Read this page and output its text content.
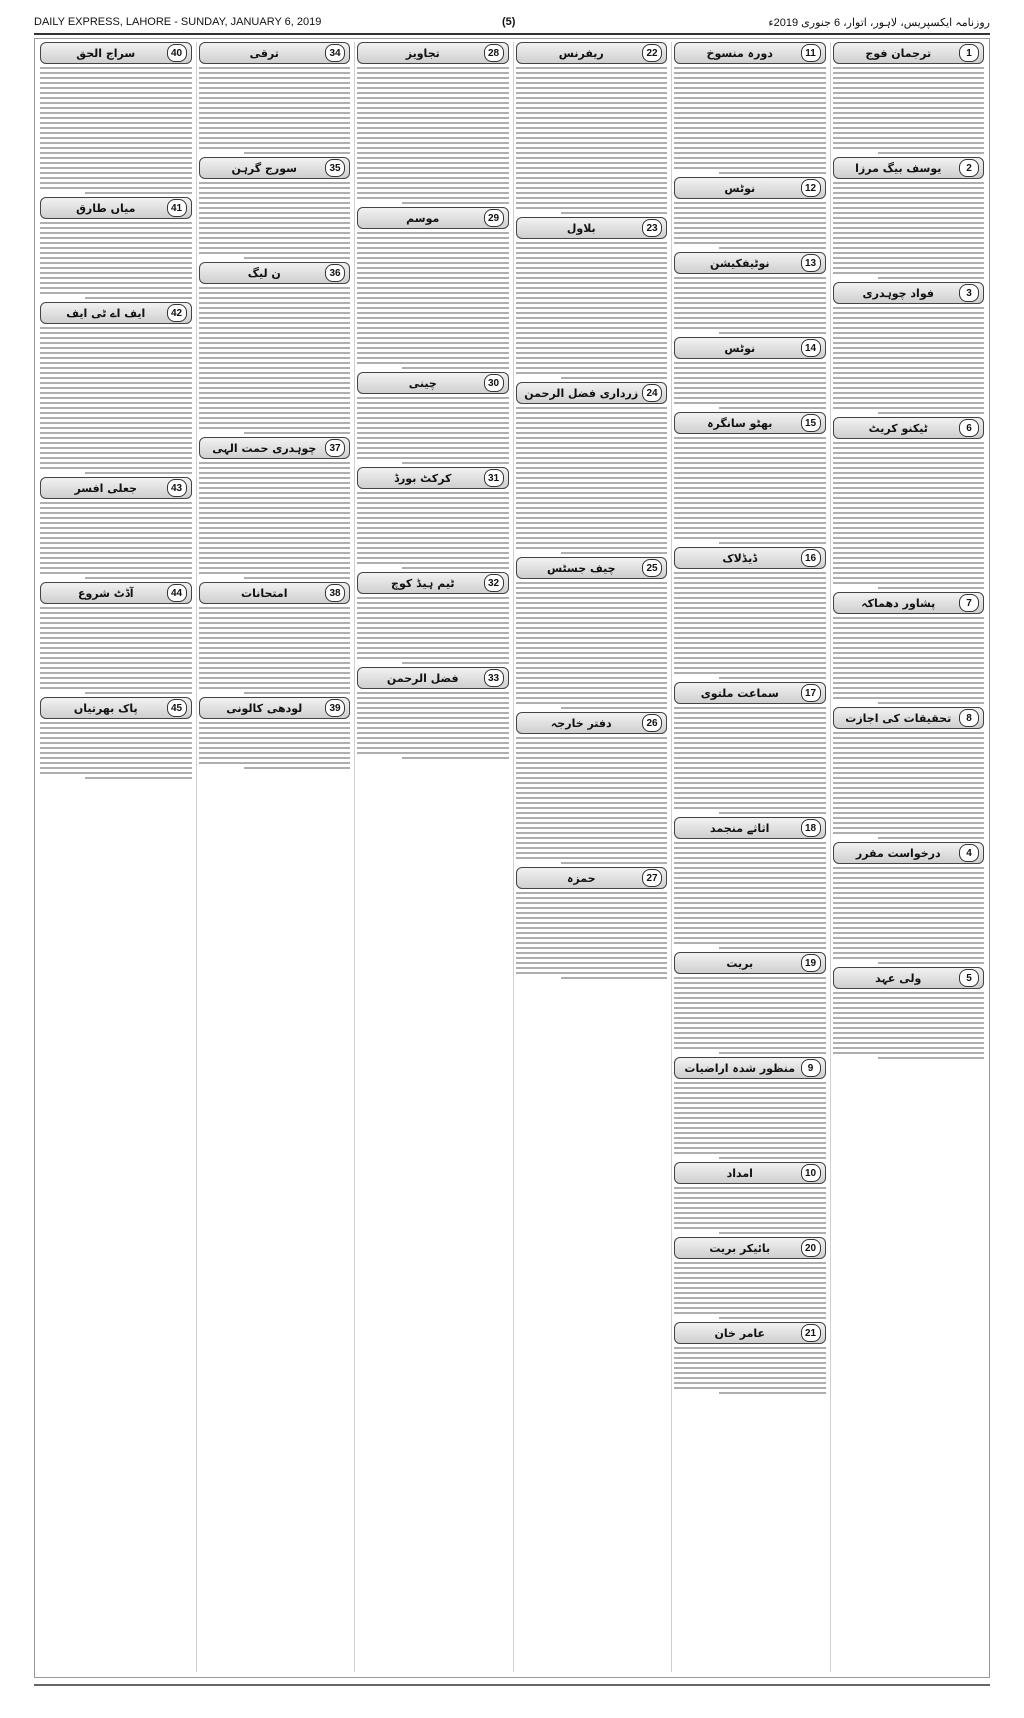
DAILY EXPRESS, LAHORE - SUNDAY, JANUARY 6, 2019	(5)	روزنامہ ایکسپریس، لاہور، اتوار، 6 جنوری 2019ء
1
ترجمان فوج
2
یوسف بیگ مرزا
3
فواد چوہدری
6
ٹیکنو کریٹ
7
پشاور دھماکہ
8
تحقیقات کی اجازت
4
درخواست مقرر
5
ولی عہد
11
دورہ منسوخ
12
نوٹس
13
نوٹیفکیشن
14
نوٹس
15
بھٹو سانگرہ
16
ڈیڈلاک
17
سماعت ملتوی
18
اثاثے منجمد
19
بریت
9
منظور شدہ اراضیات
10
امداد
20
بائیکر بریت
21
عامر خان
22
ریفرنس
23
بلاول
24
زرداری فضل الرحمن
25
چیف جسٹس
26
دفتر خارجہ
27
حمزہ
28
تجاویز
29
موسم
30
چینی
31
کرکٹ بورڈ
32
ٹیم ہیڈ کوچ
33
فضل الرحمن
34
ترقی
35
سورج گرہن
36
ن لیگ
37
چوہدری حمت الہی
38
امتحانات
39
لودھی کالونی
40
سراج الحق
41
میاں طارق
42
ایف اے ٹی ایف
43
جعلی افسر
44
آڈٹ شروع
45
پاک بھرتیاں
